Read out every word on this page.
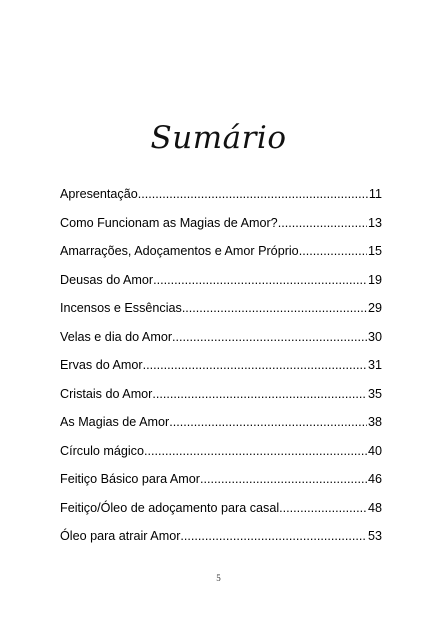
Sumário
Apresentação .....	11
Como Funcionam as Magias de Amor? .....	13
Amarrações, Adoçamentos e Amor Próprio .....	15
Deusas do Amor .....	19
Incensos e Essências .....	29
Velas e dia do Amor .....	30
Ervas do Amor .....	31
Cristais do Amor .....	35
As Magias de Amor .....	38
Círculo mágico .....	40
Feitiço Básico para Amor .....	46
Feitiço/Óleo de adoçamento para casal .....	48
Óleo para atrair Amor .....	53
5
